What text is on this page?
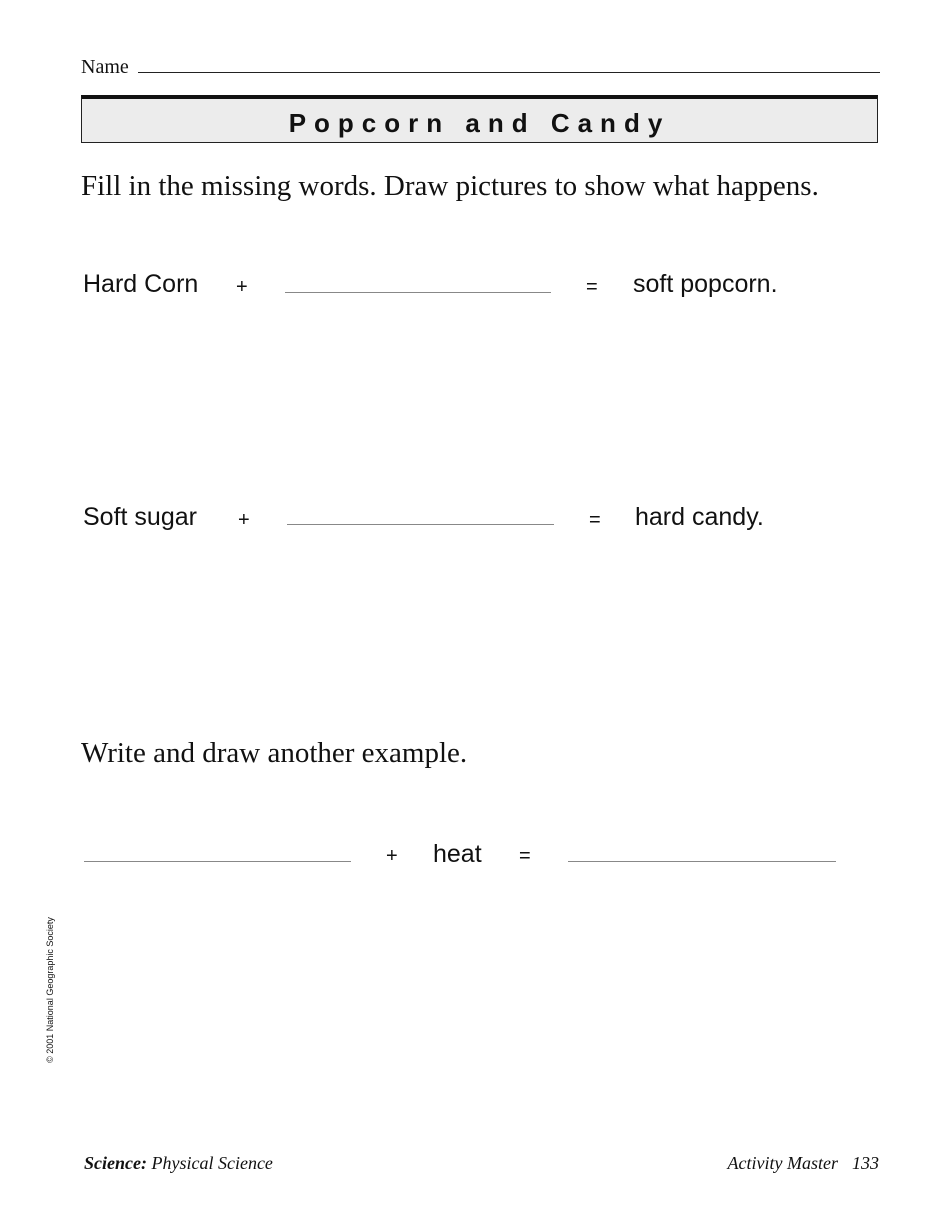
Name
Popcorn and Candy
Fill in the missing words. Draw pictures to show what happens.
Hard Corn +	= soft popcorn.
Soft sugar +	= hard candy.
Write and draw another example.
+ heat =
© 2001 National Geographic Society
Science: Physical Science	Activity Master 133
